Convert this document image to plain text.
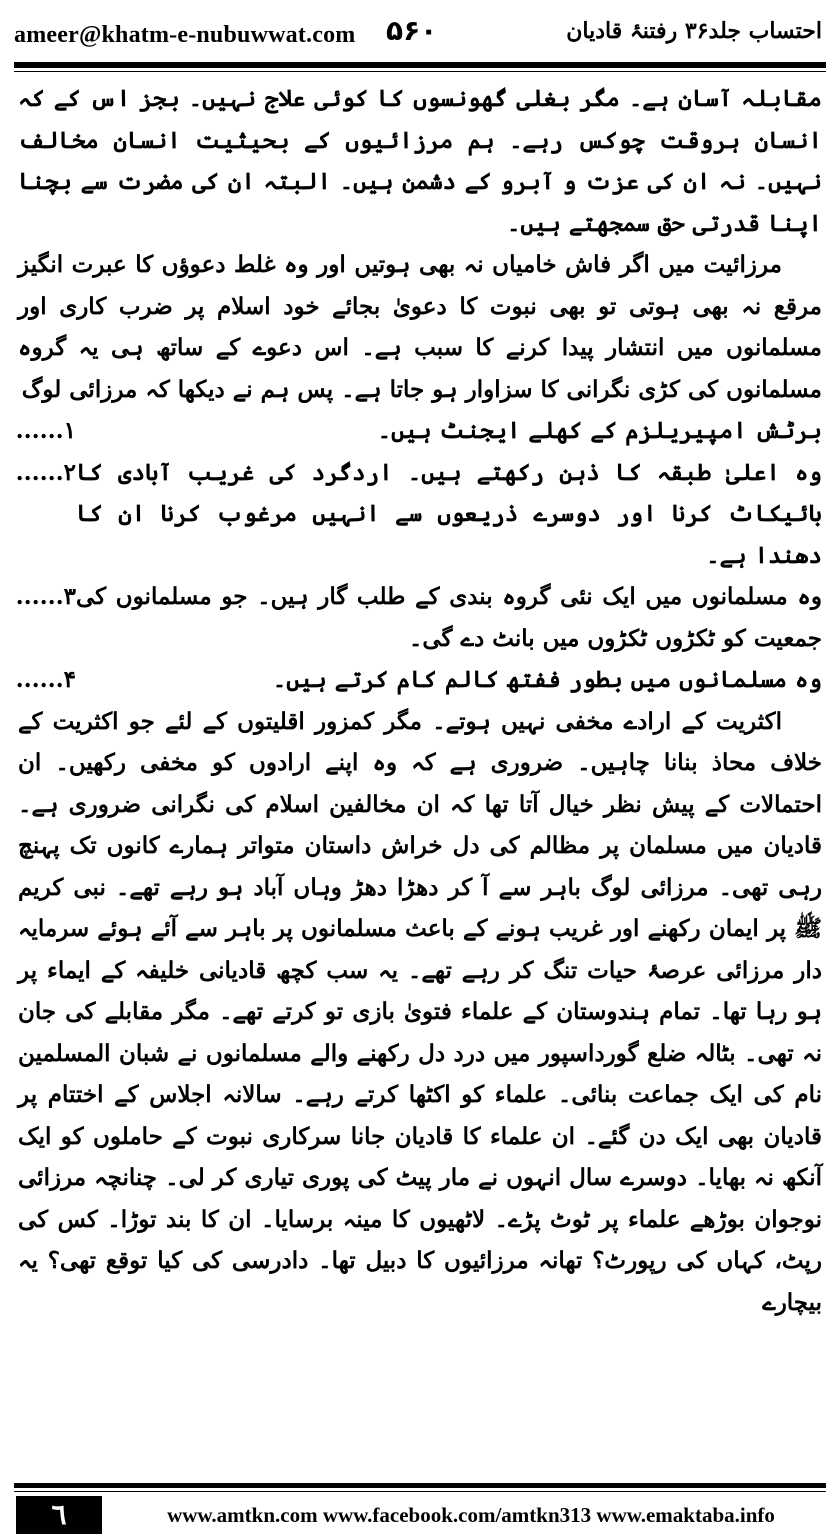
ameer@khatm-e-nubuwwat.com ۵۶۰	احتساب جلد۳۶ رفتنۂ قادیان

مقابلہ آسان ہے۔ مگر بغلی گھونسوں کا کوئی علاج نہیں۔ بجز اس کے کہ انسان ہروقت چوکس رہے۔ ہم مرزائیوں کے بحیثیت انسان مخالف نہیں۔ نہ ان کی عزت و آبرو کے دشمن ہیں۔ البتہ ان کی مضرت سے بچنا اپنا قدرتی حق سمجھتے ہیں۔

مرزائیت میں اگر فاش خامیاں نہ بھی ہوتیں اور وہ غلط دعوؤں کا عبرت انگیز مرقع نہ بھی ہوتی تو بھی نبوت کا دعویٰ بجائے خود اسلام پر ضرب کاری اور مسلمانوں میں انتشار پیدا کرنے کا سبب ہے۔ اس دعوے کے ساتھ ہی یہ گروہ مسلمانوں کی کڑی نگرانی کا سزاوار ہو جاتا ہے۔ پس ہم نے دیکھا کہ مرزائی لوگ

برٹش امپیریلزم کے کھلے ایجنٹ ہیں۔
۱......
وہ اعلیٰ طبقہ کا ذہن رکھتے ہیں۔ اردگرد کی غریب آبادی کا بائیکاٹ کرنا اور دوسرے ذریعوں سے انہیں مرغوب کرنا ان کا دھندا ہے۔
۲......
وہ مسلمانوں میں ایک نئی گروہ بندی کے طلب گار ہیں۔ جو مسلمانوں کی جمعیت کو ٹکڑوں ٹکڑوں میں بانٹ دے گی۔
۳......
وہ مسلمانوں میں بطور ففتھ کالم کام کرتے ہیں۔
۴......

اکثریت کے ارادے مخفی نہیں ہوتے۔ مگر کمزور اقلیتوں کے لئے جو اکثریت کے خلاف محاذ بنانا چاہیں۔ ضروری ہے کہ وہ اپنے ارادوں کو مخفی رکھیں۔ ان احتمالات کے پیش نظر خیال آتا تھا کہ ان مخالفین اسلام کی نگرانی ضروری ہے۔ قادیان میں مسلمان پر مظالم کی دل خراش داستان متواتر ہمارے کانوں تک پہنچ رہی تھی۔ مرزائی لوگ باہر سے آ کر دھڑا دھڑ وہاں آباد ہو رہے تھے۔ نبی کریم ﷺ پر ایمان رکھنے اور غریب ہونے کے باعث مسلمانوں پر باہر سے آئے ہوئے سرمایہ دار مرزائی عرصۂ حیات تنگ کر رہے تھے۔ یہ سب کچھ قادیانی خلیفہ کے ایماء پر ہو رہا تھا۔ تمام ہندوستان کے علماء فتویٰ بازی تو کرتے تھے۔ مگر مقابلے کی جان نہ تھی۔ بٹالہ ضلع گورداسپور میں درد دل رکھنے والے مسلمانوں نے شبان المسلمین نام کی ایک جماعت بنائی۔ علماء کو اکٹھا کرتے رہے۔ سالانہ اجلاس کے اختتام پر قادیان بھی ایک دن گئے۔ ان علماء کا قادیان جانا سرکاری نبوت کے حاملوں کو ایک آنکھ نہ بھایا۔ دوسرے سال انہوں نے مار پیٹ کی پوری تیاری کر لی۔ چنانچہ مرزائی نوجوان بوڑھے علماء پر ٹوٹ پڑے۔ لاٹھیوں کا مینہ برسایا۔ ان کا بند توڑا۔ کس کی رپٹ، کہاں کی رپورٹ؟ تھانہ مرزائیوں کا دبیل تھا۔ دادرسی کی کیا توقع تھی؟ یہ بیچارے

٦	www.amtkn.com www.facebook.com/amtkn313 www.emaktaba.info
